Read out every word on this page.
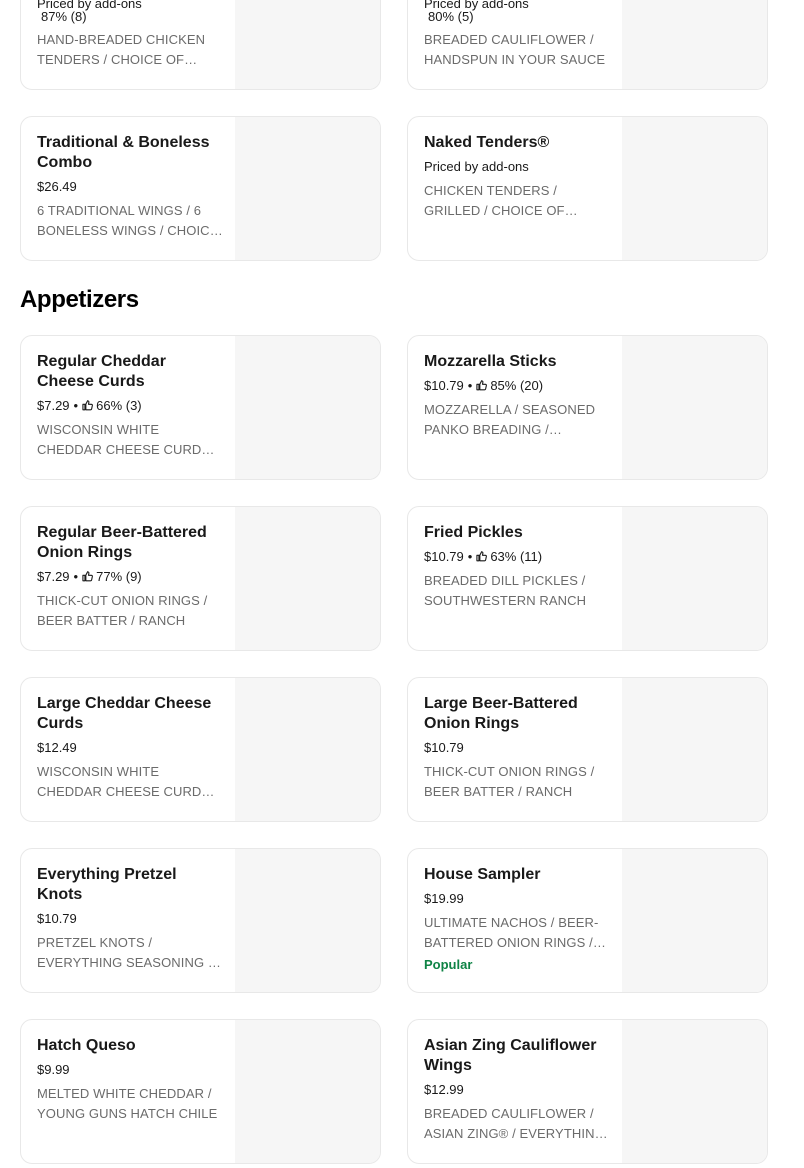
Priced by add-ons
87% (8)
HAND-BREADED CHICKEN TENDERS / CHOICE OF
Priced by add-ons
80% (5)
BREADED CAULIFLOWER / HANDSPUN IN YOUR SAUCE
Traditional & Boneless Combo
$26.49
6 TRADITIONAL WINGS / 6 BONELESS WINGS / CHOICE
Naked Tenders®
Priced by add-ons
CHICKEN TENDERS / GRILLED / CHOICE OF
Appetizers
Regular Cheddar Cheese Curds
$7.29 • 66% (3)
WISCONSIN WHITE CHEDDAR CHEESE CURDS /
Mozzarella Sticks
$10.79 • 85% (20)
MOZZARELLA / SEASONED PANKO BREADING /
Regular Beer-Battered Onion Rings
$7.29 • 77% (9)
THICK-CUT ONION RINGS / BEER BATTER / RANCH
Fried Pickles
$10.79 • 63% (11)
BREADED DILL PICKLES / SOUTHWESTERN RANCH
Large Cheddar Cheese Curds
$12.49
WISCONSIN WHITE CHEDDAR CHEESE CURDS /
Large Beer-Battered Onion Rings
$10.79
THICK-CUT ONION RINGS / BEER BATTER / RANCH
Everything Pretzel Knots
$10.79
PRETZEL KNOTS / EVERYTHING SEASONING /
House Sampler
$19.99
ULTIMATE NACHOS / BEER-BATTERED ONION RINGS /
Popular
Hatch Queso
$9.99
MELTED WHITE CHEDDAR / YOUNG GUNS HATCH CHILE
Asian Zing Cauliflower Wings
$12.99
BREADED CAULIFLOWER / ASIAN ZING® / EVERYTHING
